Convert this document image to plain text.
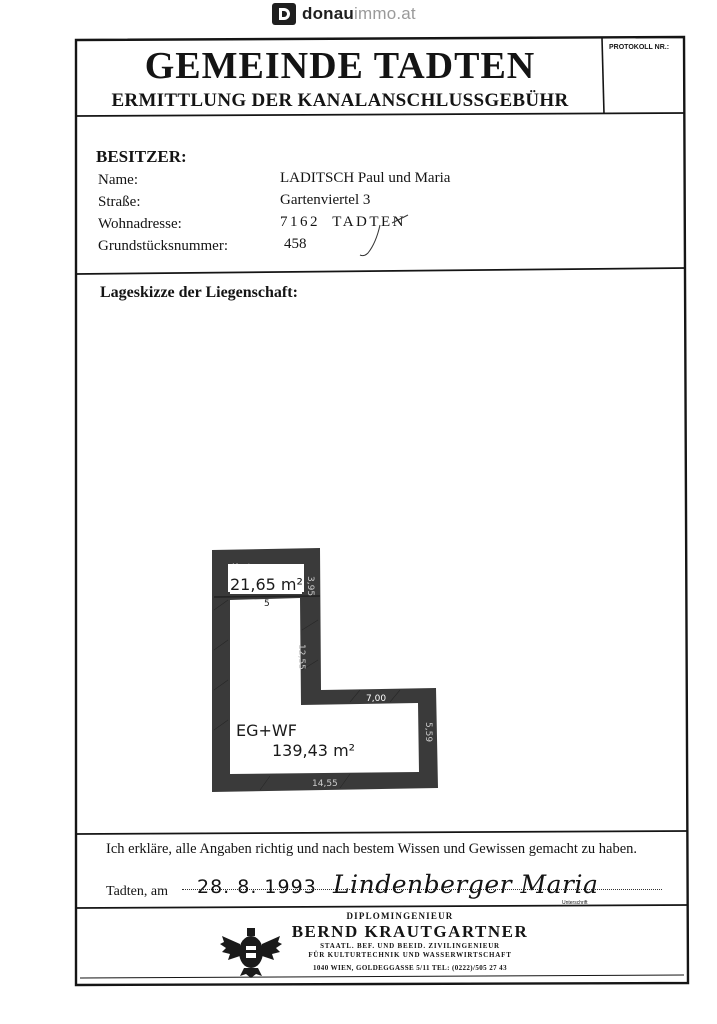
donauimmo.at
GEMEINDE TADTEN
ERMITTLUNG DER KANALANSCHLUSSGEBÜHR
PROTOKOLL NR.:
BESITZER:
Name:	LADITSCH Paul und Maria
Straße:	Gartenviertel 3
Wohnadresse:	7162  TADTEN
Grundstücksnummer:	458
Lageskizze der Liegenschaft:
Kosterraum
21,65 m²
5
3,95
12,55
7,00
5,59
EG+WF
139,43 m²
14,55
Ich erkläre, alle Angaben richtig und nach bestem Wissen und Gewissen gemacht zu haben.
Tadten, am 28. 8. 1993 Lindenberger Maria
Unterschrift
DIPLOMINGENIEUR
BERND KRAUTGARTNER
STAATL. BEF. UND BEEID. ZIVILINGENIEUR
FÜR KULTURTECHNIK UND WASSERWIRTSCHAFT
1040 WIEN, GOLDEGGASSE 5/11 TEL: (0222)/505 27 43
